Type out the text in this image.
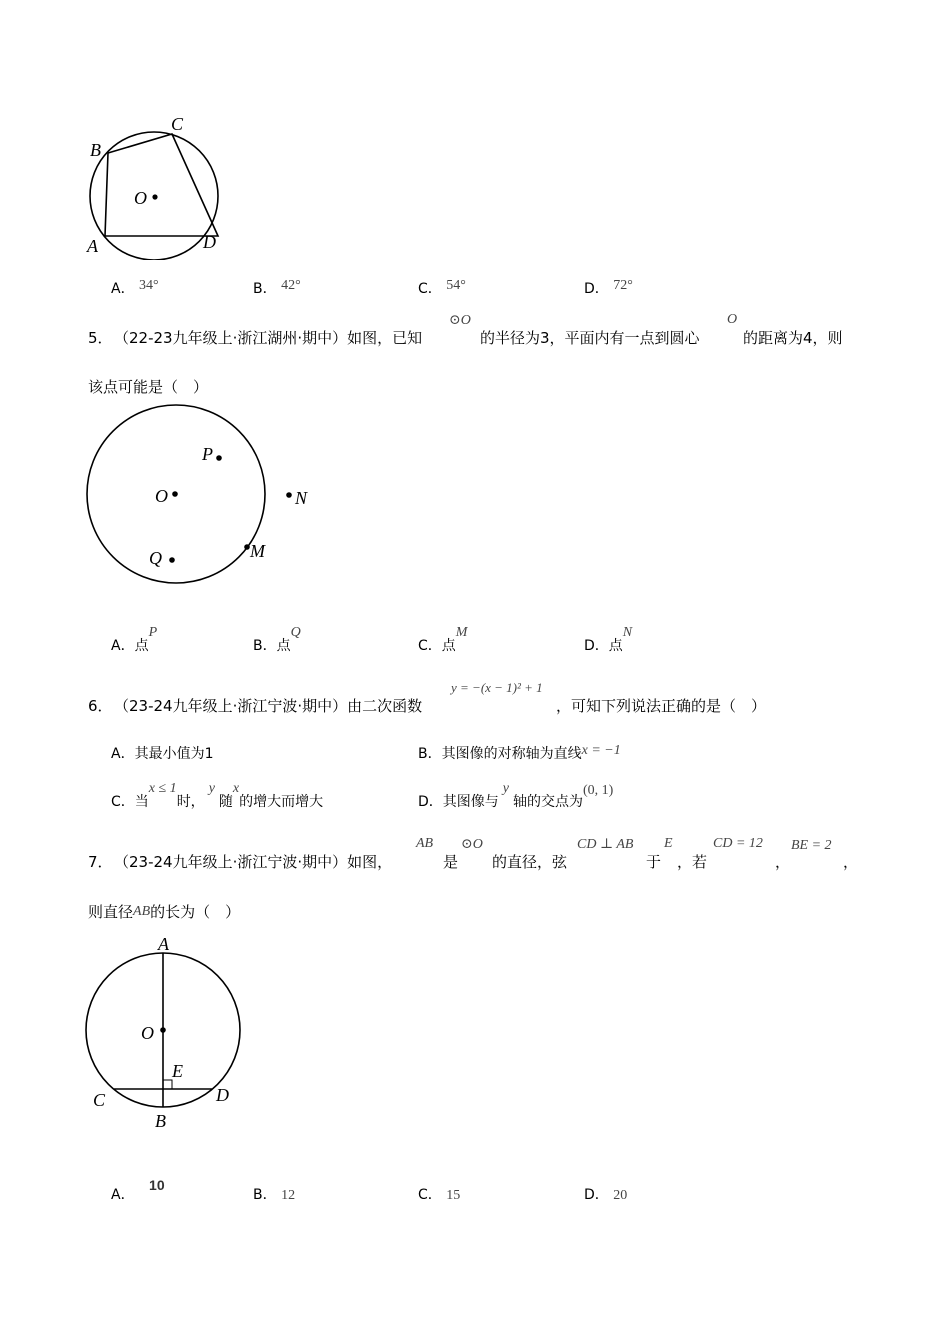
B
C
O
A	D
A． 34°	B． 42°	C． 54°	D． 72°
5． （22-23九年级上·浙江湖州·期中）如图，已知
⊙O
的半径为3，平面内有一点到圆心
O
的距离为4，则
该点可能是（　）
P
O	N
M
Q
A．点P
B．点Q
C．点M
D．点N
6． （23-24九年级上·浙江宁波·期中）由二次函数
y = −(x − 1)² + 1
，可知下列说法正确的是（　）
A．其最小值为1	B．其图像的对称轴为直线x = −1
C．当x ≤ 1时，y随x的增大而增大	D．其图像与y轴的交点为(0, 1)
7． （23-24九年级上·浙江宁波·期中）如图，
AB
是
⊙O
的直径，弦
CD ⊥ AB
于
E
，若
CD = 12
，
BE = 2
，
则直径AB的长为（　）
A
O
E
C	D
B
A． 10
B． 12	C． 15	D． 20
